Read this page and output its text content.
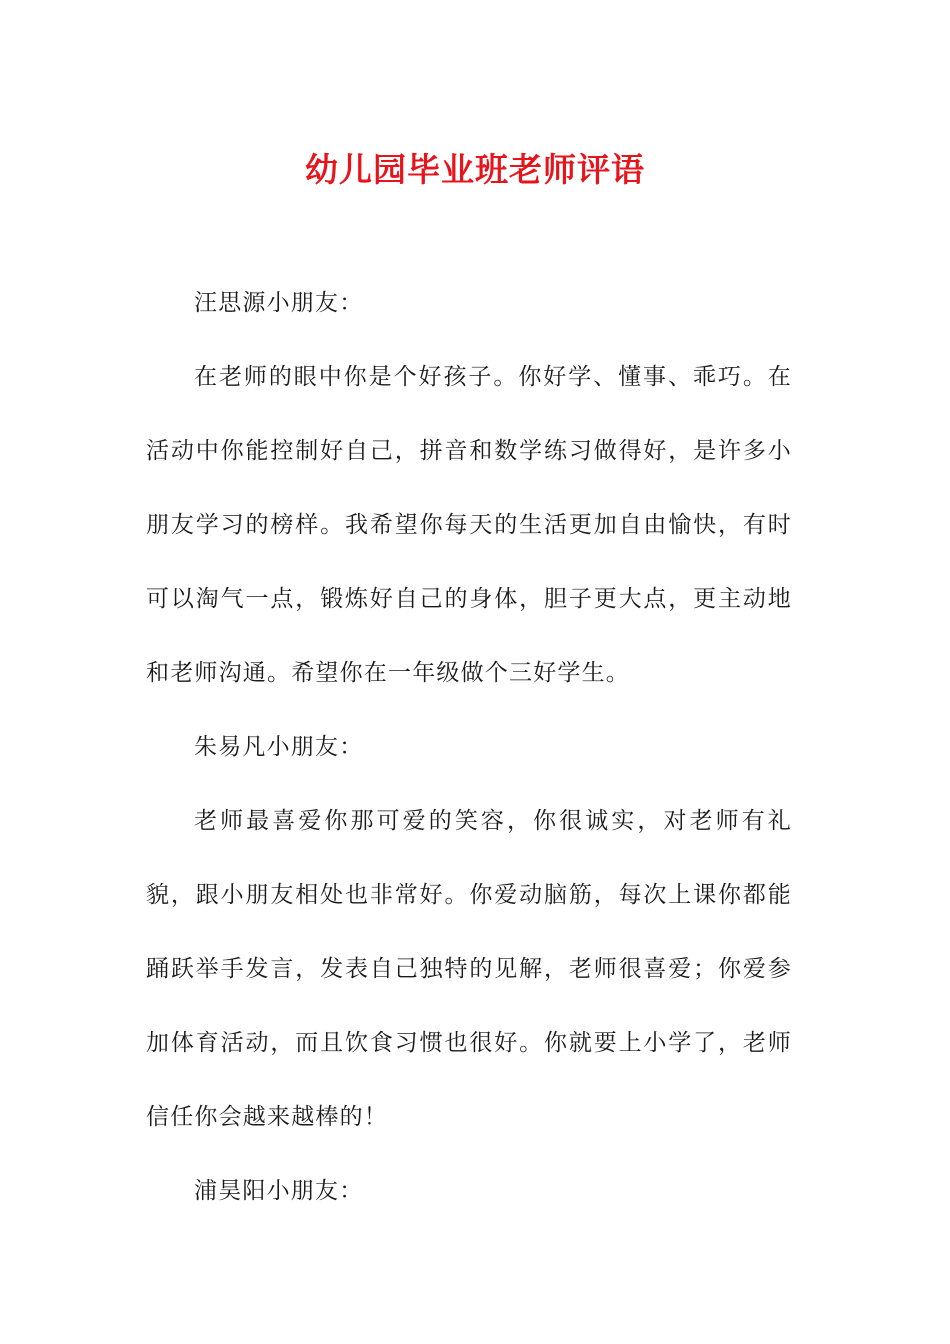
幼儿园毕业班老师评语

汪思源小朋友：

在老师的眼中你是个好孩子。你好学、懂事、乖巧。在活动中你能控制好自己，拼音和数学练习做得好，是许多小朋友学习的榜样。我希望你每天的生活更加自由愉快，有时可以淘气一点，锻炼好自己的身体，胆子更大点，更主动地和老师沟通。希望你在一年级做个三好学生。

朱易凡小朋友：

老师最喜爱你那可爱的笑容，你很诚实，对老师有礼貌，跟小朋友相处也非常好。你爱动脑筋，每次上课你都能踊跃举手发言，发表自己独特的见解，老师很喜爱；你爱参加体育活动，而且饮食习惯也很好。你就要上小学了，老师信任你会越来越棒的！

浦昊阳小朋友：
